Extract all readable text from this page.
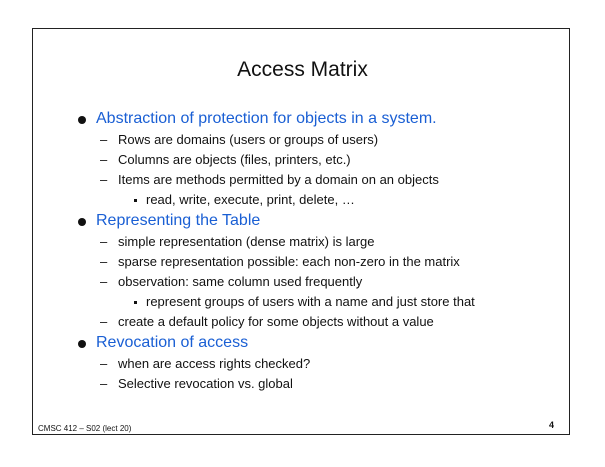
Access Matrix
Abstraction of protection for objects in a system.
– Rows are domains (users or groups of users)
– Columns are objects (files, printers, etc.)
– Items are methods permitted by a domain on an objects
read, write, execute, print, delete, …
Representing the Table
– simple representation (dense matrix) is large
– sparse representation possible: each non-zero in the matrix
– observation: same column used frequently
represent groups of users with a name and just store that
– create a default policy for some objects without a value
Revocation of access
– when are access rights checked?
– Selective revocation vs. global
CMSC 412 – S02 (lect 20)	4
